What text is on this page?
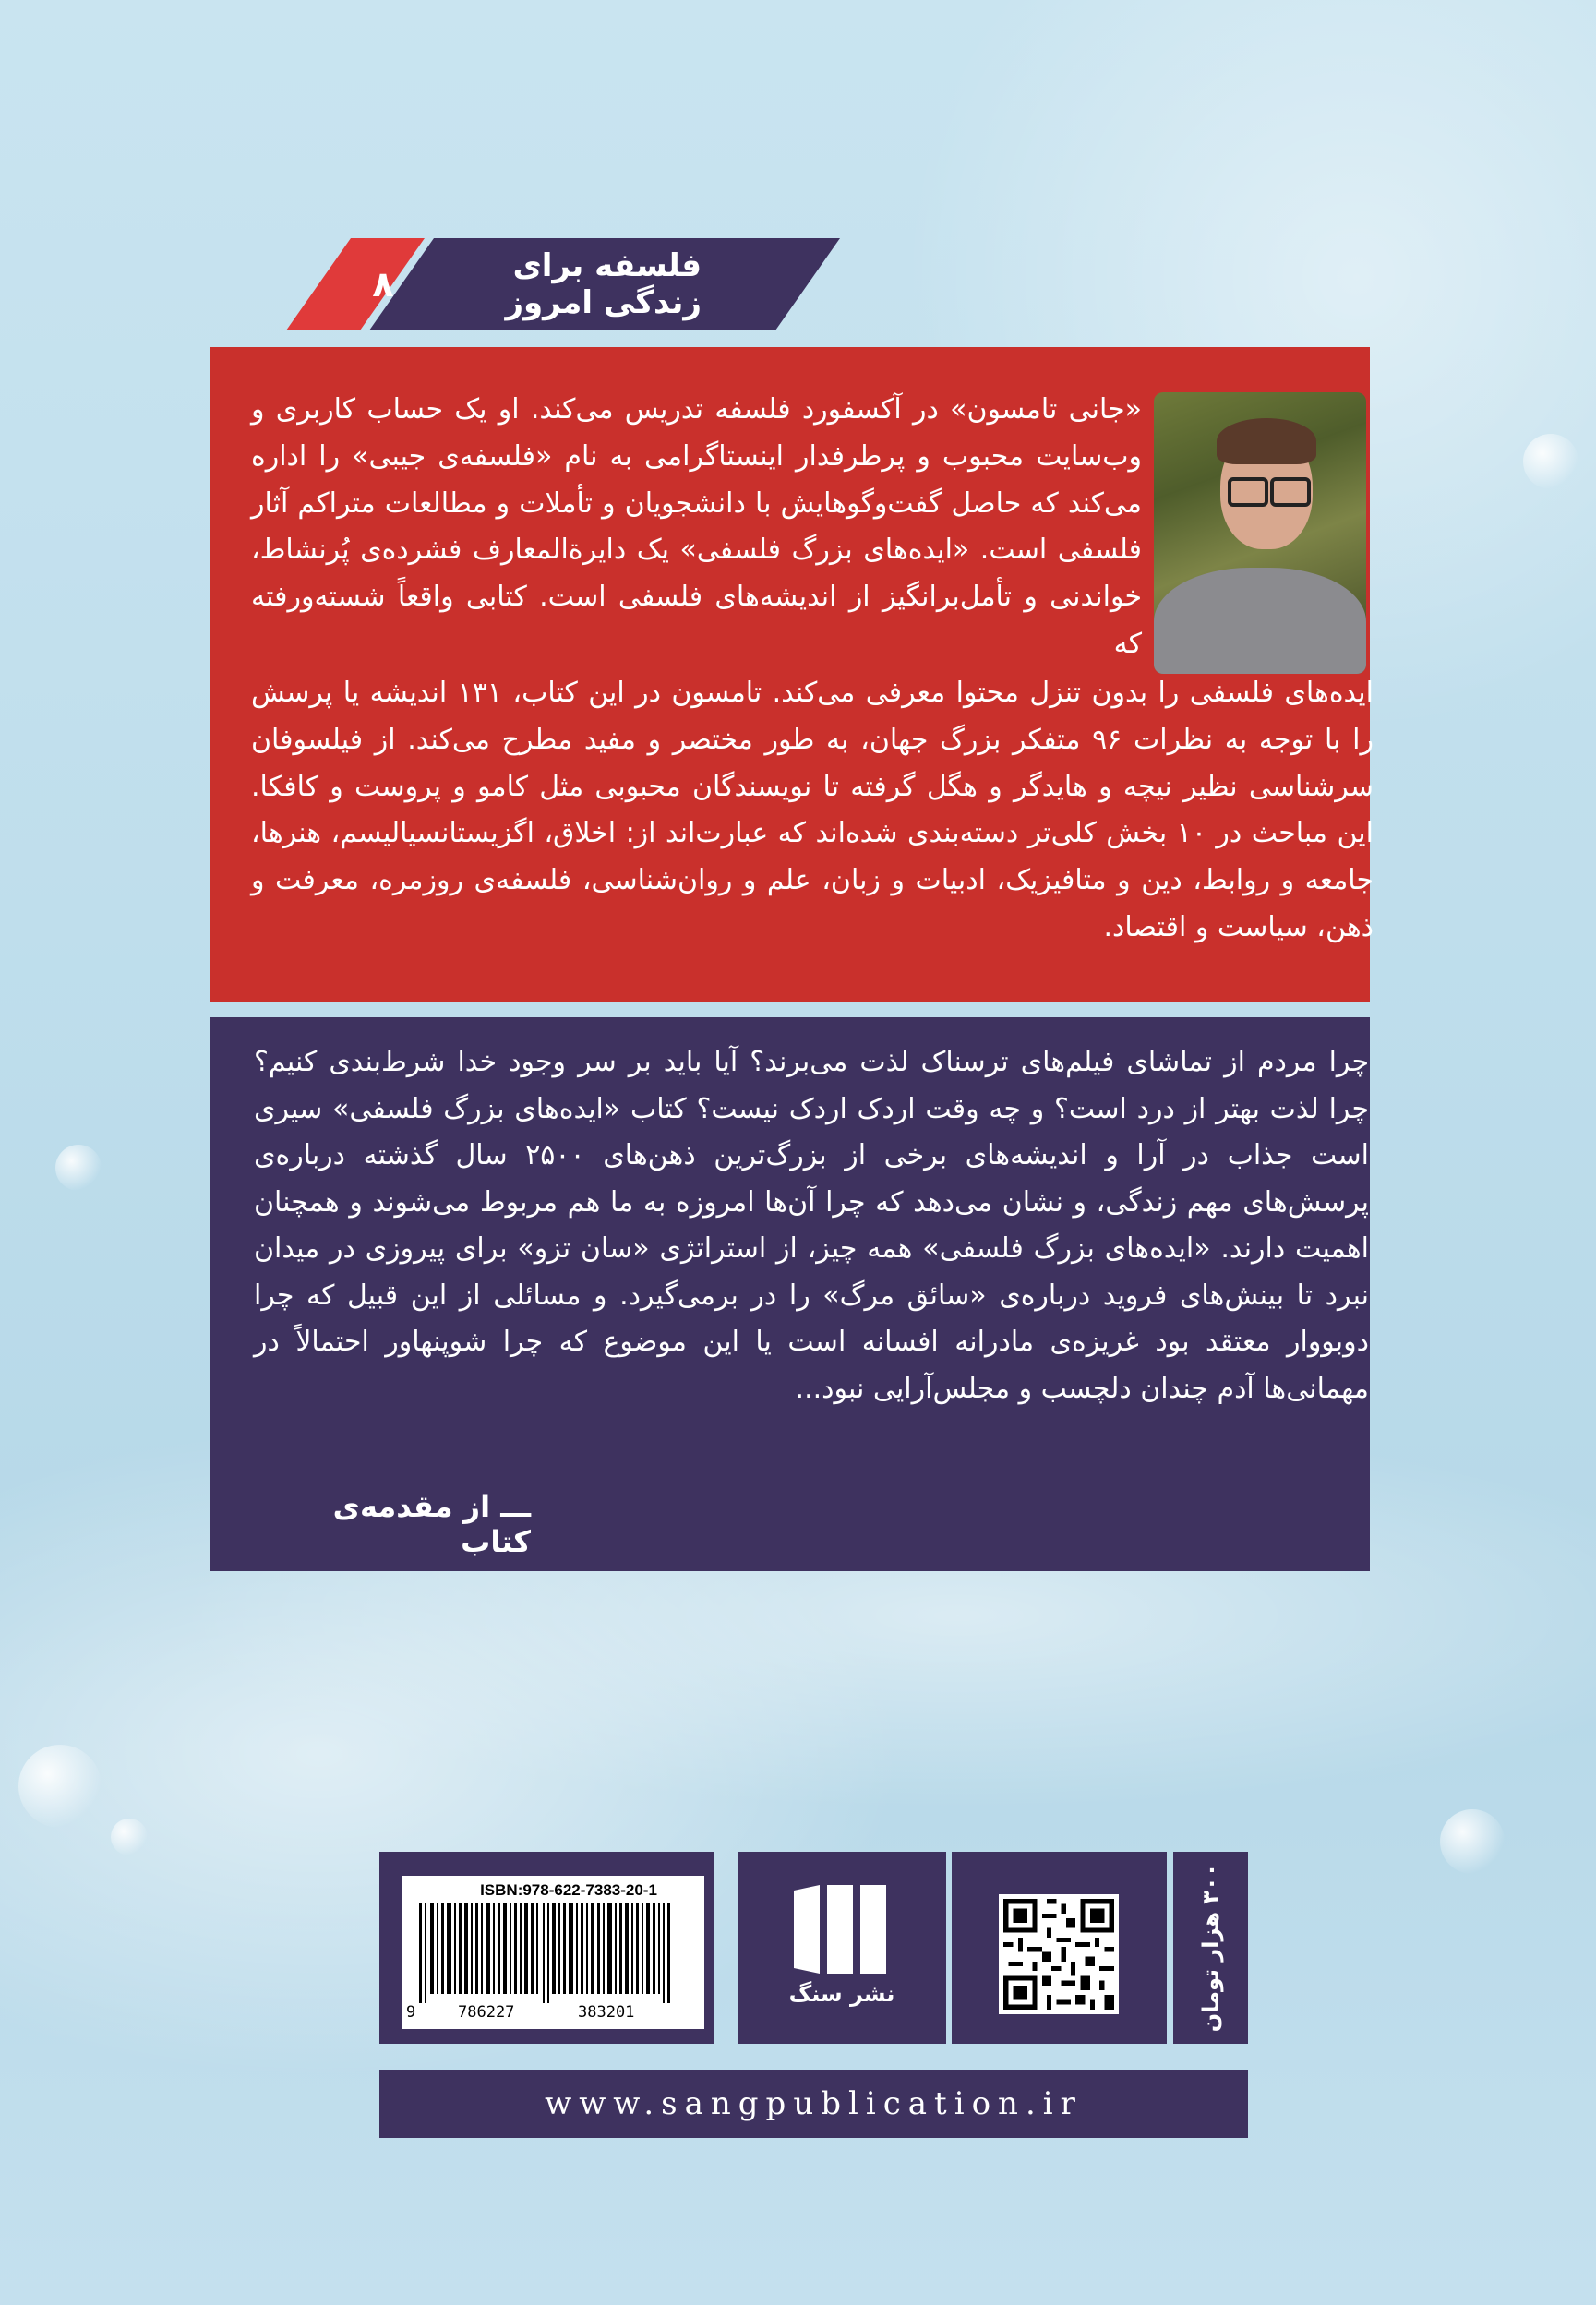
۸	فلسفه برای زندگی امروز
«جانی تامسون» در آکسفورد فلسفه تدریس می‌کند. او یک حساب کاربری و وب‌سایت محبوب و پرطرفدار اینستاگرامی به نام «فلسفه‌ی جیبی» را اداره می‌کند که حاصل گفت‌وگوهایش با دانشجویان و تأملات و مطالعات متراکم آثار فلسفی است. «ایده‌های بزرگ فلسفی» یک دایرة‌المعارف فشرده‌ی پُرنشاط، خواندنی و تأمل‌برانگیز از اندیشه‌های فلسفی است. کتابی واقعاً شسته‌ورفته که
ایده‌های فلسفی را بدون تنزل محتوا معرفی می‌کند. تامسون در این کتاب، ۱۳۱ اندیشه یا پرسش را با توجه به نظرات ۹۶ متفکر بزرگ جهان، به طور مختصر و مفید مطرح می‌کند. از فیلسوفان سرشناسی نظیر نیچه و هایدگر و هگل گرفته تا نویسندگان محبوبی مثل کامو و پروست و کافکا. این مباحث در ۱۰ بخش کلی‌تر دسته‌بندی شده‌اند که عبارت‌اند از: اخلاق، اگزیستانسیالیسم، هنرها، جامعه و روابط، دین و متافیزیک، ادبیات و زبان، علم و روان‌شناسی، فلسفه‌ی روزمره، معرفت و ذهن، سیاست و اقتصاد.
چرا مردم از تماشای فیلم‌های ترسناک لذت می‌برند؟ آیا باید بر سر وجود خدا شرط‌بندی کنیم؟ چرا لذت بهتر از درد است؟ و چه وقت اردک اردک نیست؟ کتاب «ایده‌های بزرگ فلسفی» سیری است جذاب در آرا و اندیشه‌های برخی از بزرگ‌ترین ذهن‌های ۲۵۰۰ سال گذشته درباره‌ی پرسش‌های مهم زندگی، و نشان می‌دهد که چرا آن‌ها امروزه به ما هم مربوط می‌شوند و همچنان اهمیت دارند. «ایده‌های بزرگ فلسفی» همه چیز، از استراتژی «سان تزو» برای پیروزی در میدان نبرد تا بینش‌های فروید درباره‌ی «سائق مرگ» را در برمی‌گیرد. و مسائلی از این قبیل که چرا دوبووار معتقد بود غریزه‌ی مادرانه افسانه است یا این موضوع که چرا شوپنهاور احتمالاً در مهمانی‌ها آدم چندان دلچسب و مجلس‌آرایی نبود...
ـــ از مقدمه‌ی کتاب
ISBN:978-622-7383-20-1
9	786227	383201
نشر سنگ	۳۰۰ هزار تومان
www.sangpublication.ir
